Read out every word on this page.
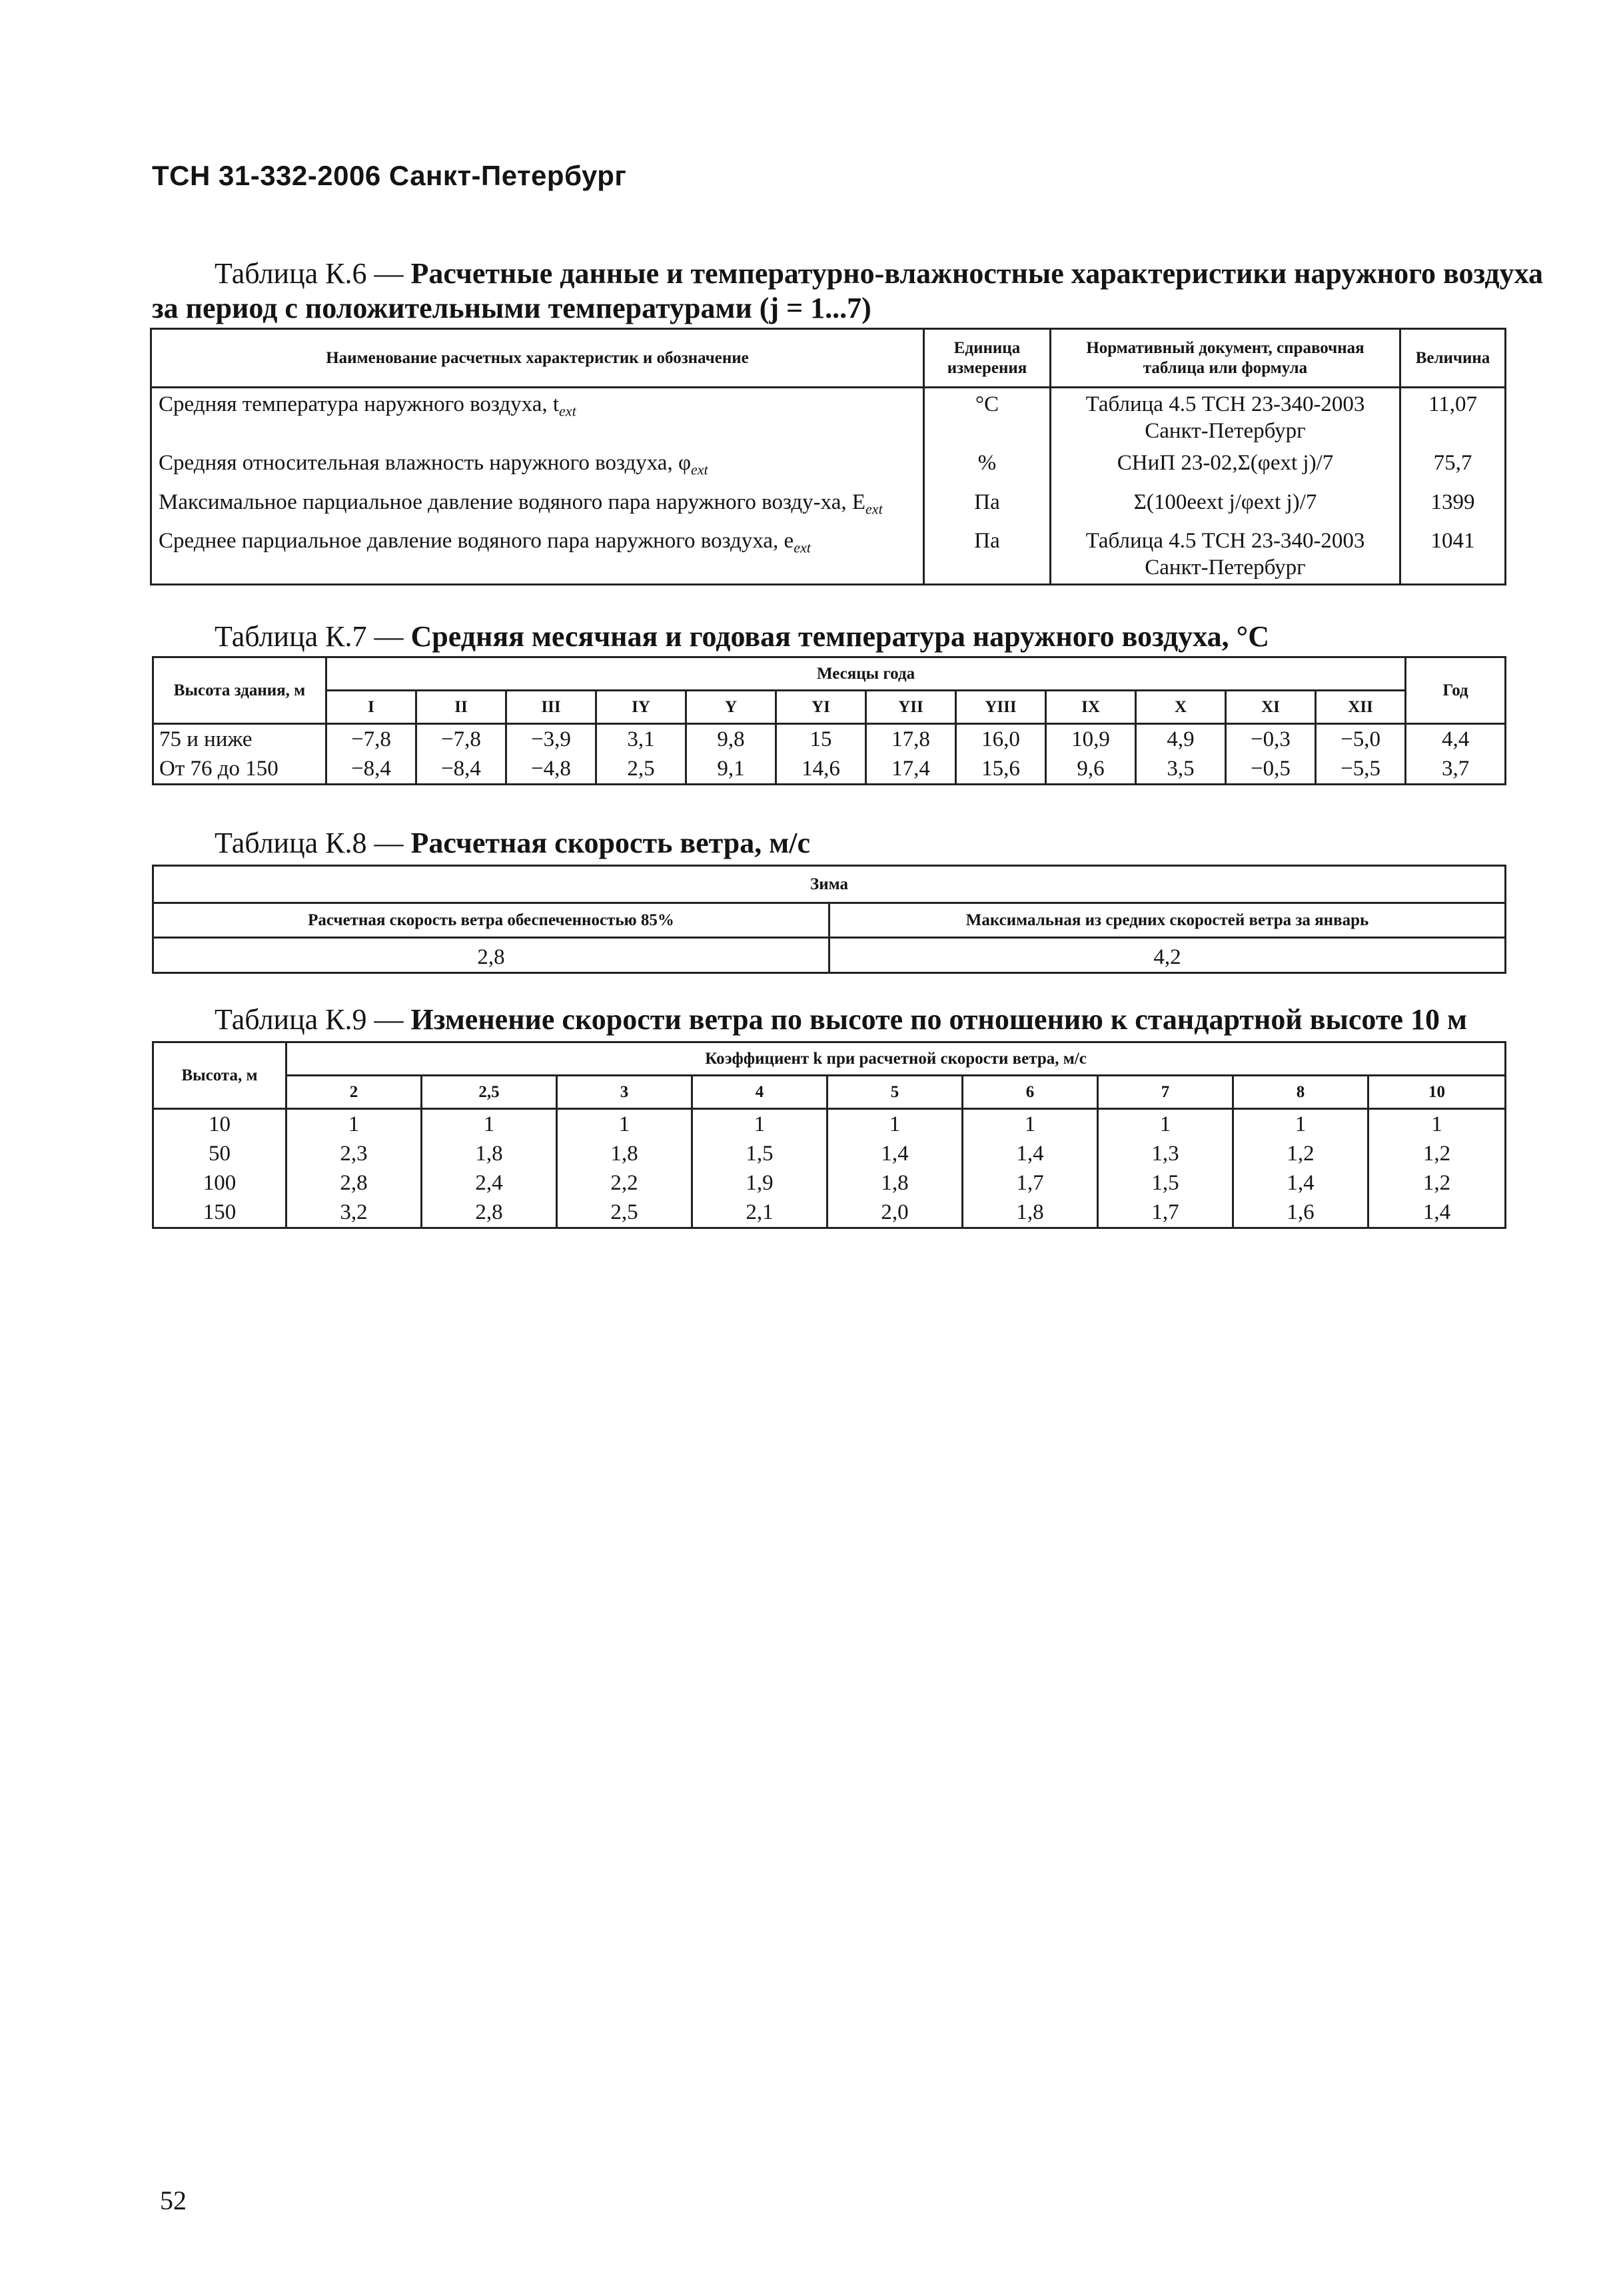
ТСН 31-332-2006 Санкт-Петербург
Таблица К.6 — Расчетные данные и температурно-влажностные характеристики наружного воздуха
за период с положительными температурами (j = 1...7)
Наименование расчетных характеристик и обозначение	Единица измерения	Нормативный документ, справочная таблица или формула	Величина
Средняя температура наружного воздуха, $t_{ext}$	°С	Таблица 4.5 ТСН 23-340-2003 Санкт-Петербург	11,07
Средняя относительная влажность наружного воздуха, $\varphi_{ext}$	%	СНиП 23-02,Σ(φext j)/7	75,7
Максимальное парциальное давление водяного пара наружного возду-ха, $E_{ext}$	Па	Σ(100eext j/φext j)/7	1399
Среднее парциальное давление водяного пара наружного воздуха, $e_{ext}$	Па	Таблица 4.5 ТСН 23-340-2003 Санкт-Петербург	1041
Таблица К.7 — Средняя месячная и годовая температура наружного воздуха, °С
Высота здания, м	Месяцы года												Год
	I	II	III	IY	Y	YI	YII	YIII	IX	X	XI	XII	
75 и ниже	−7,8	−7,8	−3,9	3,1	9,8	15	17,8	16,0	10,9	4,9	−0,3	−5,0	4,4
От 76 до 150	−8,4	−8,4	−4,8	2,5	9,1	14,6	17,4	15,6	9,6	3,5	−0,5	−5,5	3,7
Таблица К.8 — Расчетная скорость ветра, м/с
Зима	
Расчетная скорость ветра обеспеченностью 85%	Максимальная из средних скоростей ветра за январь
2,8	4,2
Таблица К.9 — Изменение скорости ветра по высоте по отношению к стандартной высоте 10 м
Высота, м	Коэффициент k при расчетной скорости ветра, м/с								
	2	2,5	3	4	5	6	7	8	10
10	1	1	1	1	1	1	1	1	1
50	2,3	1,8	1,8	1,5	1,4	1,4	1,3	1,2	1,2
100	2,8	2,4	2,2	1,9	1,8	1,7	1,5	1,4	1,2
150	3,2	2,8	2,5	2,1	2,0	1,8	1,7	1,6	1,4
52
